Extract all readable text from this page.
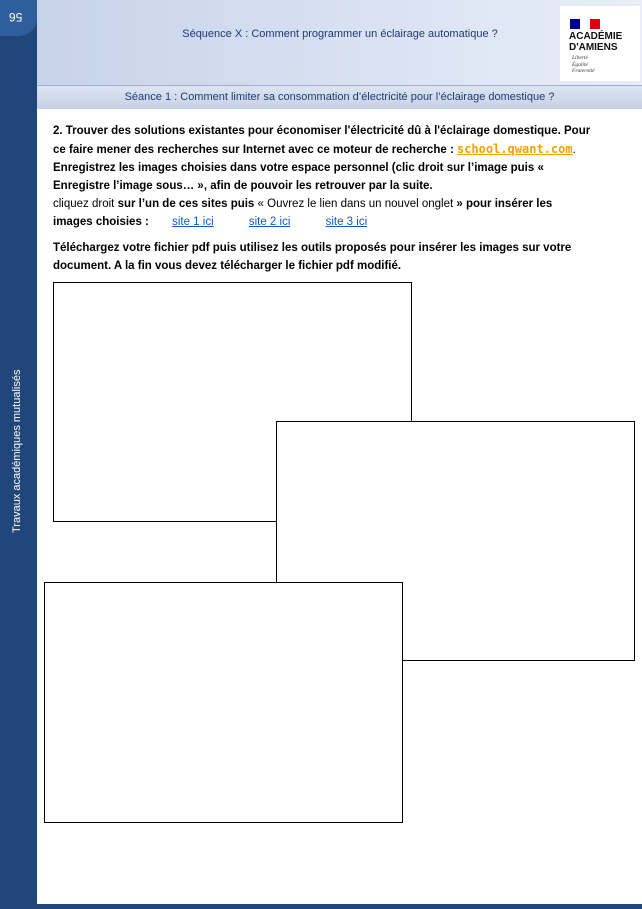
56
Travaux académiques mutualisés
Séquence X : Comment programmer un éclairage automatique ?	ACADÉMIE
D'AMIENS
Liberté
Égalité
Fraternité
Séance 1 : Comment limiter sa consommation d’électricité pour l’éclairage domestique ?

2. Trouver des solutions existantes pour économiser l'électricité dû à l'éclairage domestique. Pour ce faire mener des recherches sur Internet avec ce moteur de recherche : school.qwant.com.
Enregistrez les images choisies dans votre espace personnel (clic droit sur l’image puis « Enregistre l’image sous… », afin de pouvoir les retrouver par la suite.
cliquez droit sur l’un de ces sites puis « Ouvrez le lien dans un nouvel onglet » pour insérer les images choisies : site 1 ici	site 2 ici	site 3 ici

Téléchargez votre fichier pdf puis utilisez les outils proposés pour insérer les images sur votre document. A la fin vous devez télécharger le fichier pdf modifié.
